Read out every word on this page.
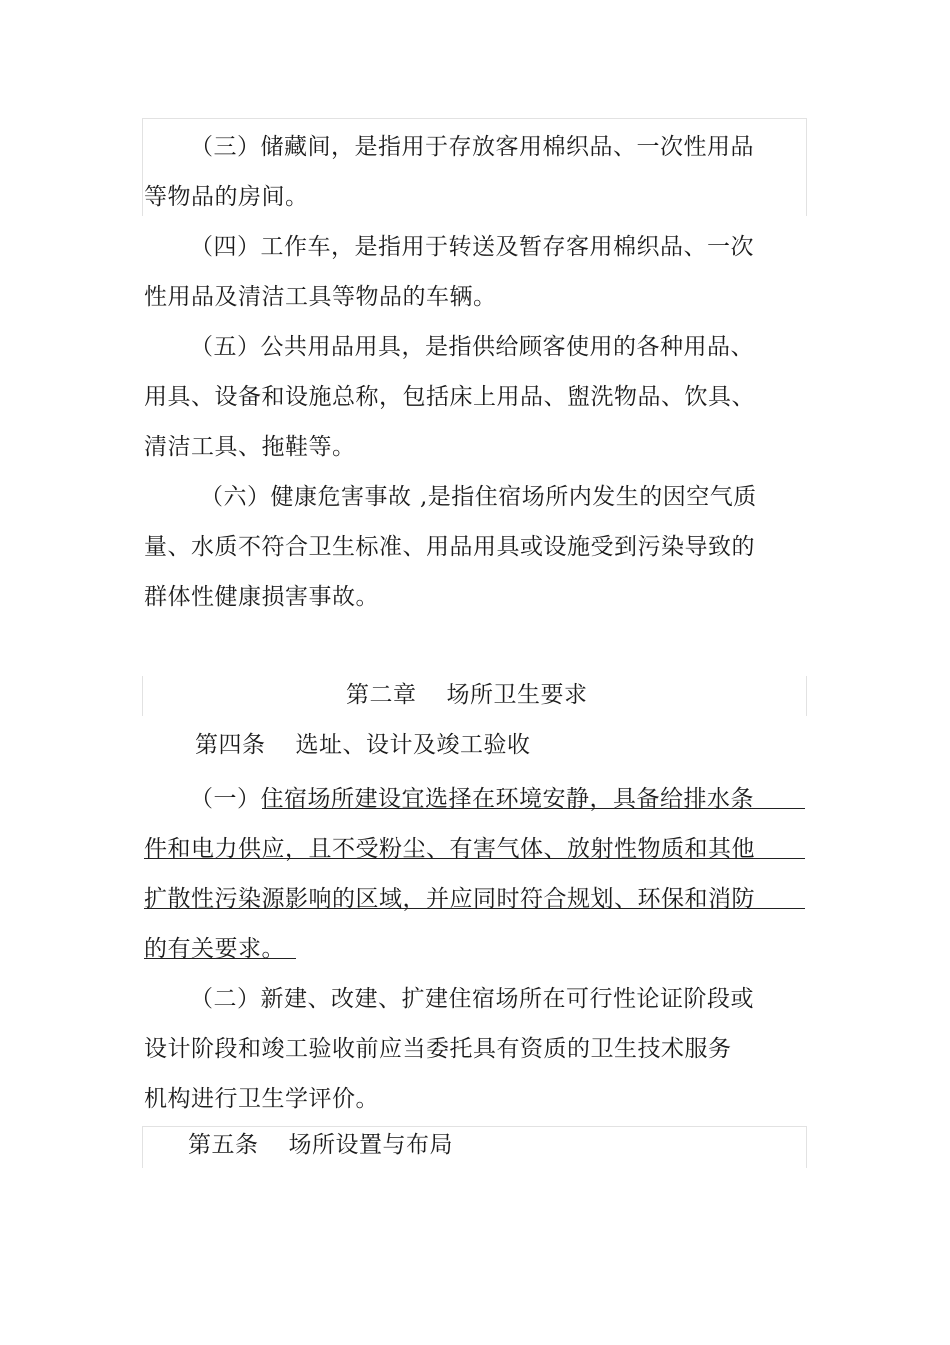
（三）储藏间，是指用于存放客用棉织品、一次性用品
等物品的房间。
（四）工作车，是指用于转送及暂存客用棉织品、一次
性用品及清洁工具等物品的车辆。
（五）公共用品用具，是指供给顾客使用的各种用品、
用具、设备和设施总称，包括床上用品、盥洗物品、饮具、
清洁工具、拖鞋等。
（六）健康危害事故 ,是指住宿场所内发生的因空气质
量、水质不符合卫生标准、用品用具或设施受到污染导致的
群体性健康损害事故。
第二章 场所卫生要求
第四条 选址、设计及竣工验收
（一）住宿场所建设宜选择在环境安静，具备给排水条
件和电力供应，且不受粉尘、有害气体、放射性物质和其他
扩散性污染源影响的区域，并应同时符合规划、环保和消防
的有关要求。
（二）新建、改建、扩建住宿场所在可行性论证阶段或
设计阶段和竣工验收前应当委托具有资质的卫生技术服务
机构进行卫生学评价。
第五条 场所设置与布局
